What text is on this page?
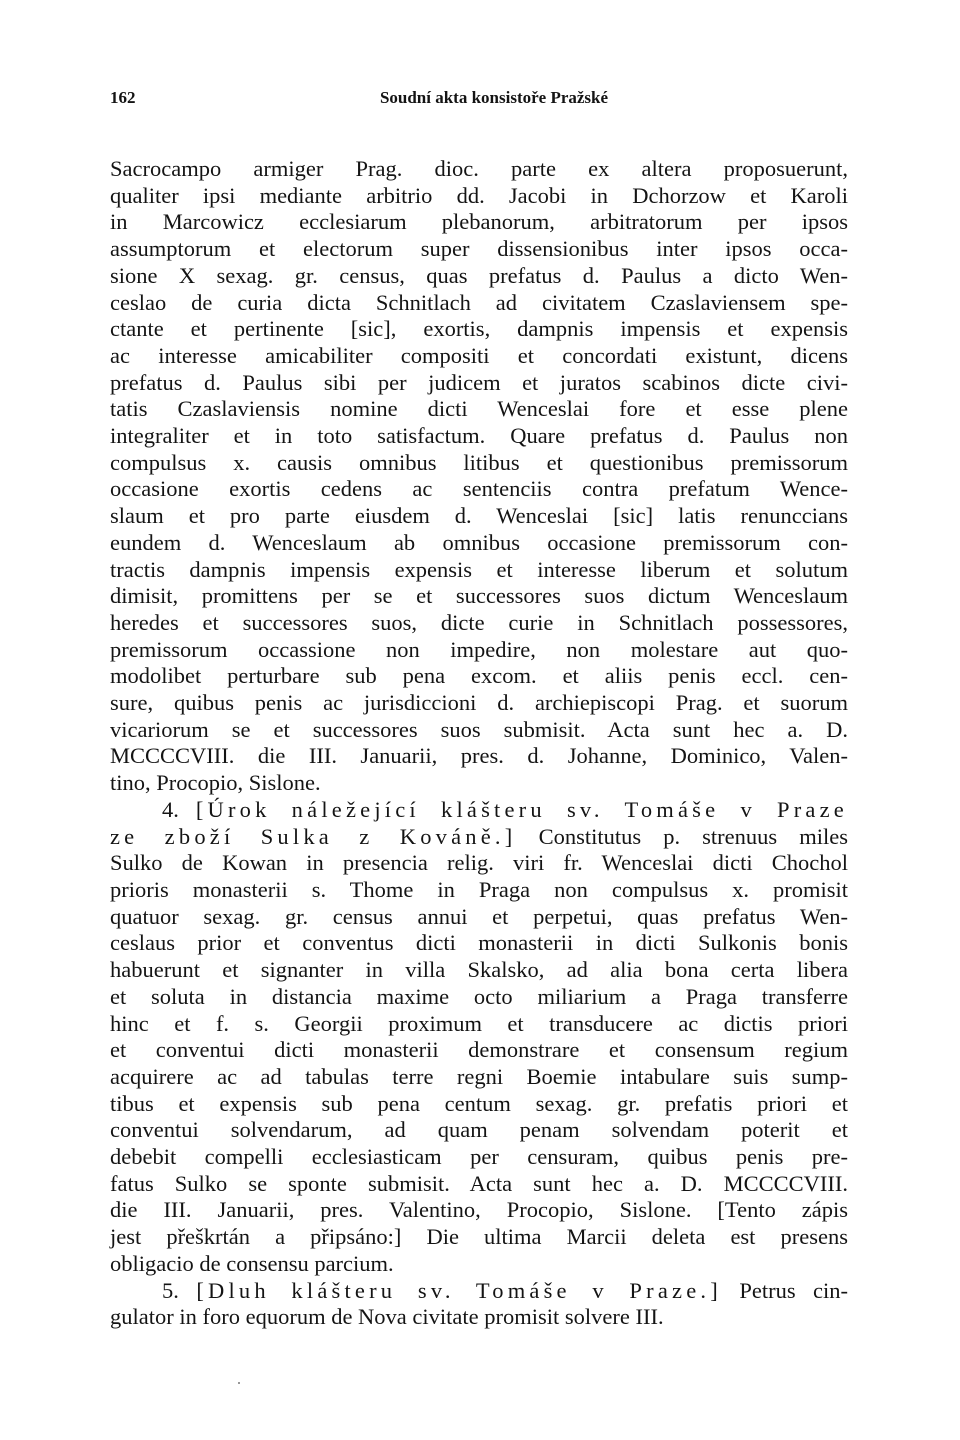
162	Soudní akta konsistoře Pražské
Sacrocampo armiger Prag. dioc. parte ex altera proposuerunt,
qualiter ipsi mediante arbitrio dd. Jacobi in Dchorzow et Karoli
in Marcowicz ecclesiarum plebanorum, arbitratorum per ipsos
assumptorum et electorum super dissensionibus inter ipsos occa-
sione X sexag. gr. census, quas prefatus d. Paulus a dicto Wen-
ceslao de curia dicta Schnitlach ad civitatem Czaslaviensem spe-
ctante et pertinente [sic], exortis, dampnis impensis et expensis
ac interesse amicabiliter compositi et concordati existunt, dicens
prefatus d. Paulus sibi per judicem et juratos scabinos dicte civi-
tatis Czaslaviensis nomine dicti Wenceslai fore et esse plene
integraliter et in toto satisfactum. Quare prefatus d. Paulus non
compulsus x. causis omnibus litibus et questionibus premissorum
occasione exortis cedens ac sentenciis contra prefatum Wence-
slaum et pro parte eiusdem d. Wenceslai [sic] latis renunccians
eundem d. Wenceslaum ab omnibus occasione premissorum con-
tractis dampnis impensis expensis et interesse liberum et solutum
dimisit, promittens per se et successores suos dictum Wenceslaum
heredes et successores suos, dicte curie in Schnitlach possessores,
premissorum occassione non impedire, non molestare aut quo-
modolibet perturbare sub pena excom. et aliis penis eccl. cen-
sure, quibus penis ac jurisdiccioni d. archiepiscopi Prag. et suorum
vicariorum se et successores suos submisit. Acta sunt hec a. D.
MCCCCVIII. die III. Januarii, pres. d. Johanne, Dominico, Valen-
tino, Procopio, Sislone.
4. [Úrok náležející klášteru sv. Tomáše v Praze
ze zboží Sulka z Kováně.] Constitutus p. strenuus miles
Sulko de Kowan in presencia relig. viri fr. Wenceslai dicti Chochol
prioris monasterii s. Thome in Praga non compulsus x. promisit
quatuor sexag. gr. census annui et perpetui, quas prefatus Wen-
ceslaus prior et conventus dicti monasterii in dicti Sulkonis bonis
habuerunt et signanter in villa Skalsko, ad alia bona certa libera
et soluta in distancia maxime octo miliarium a Praga transferre
hinc et f. s. Georgii proximum et transducere ac dictis priori
et conventui dicti monasterii demonstrare et consensum regium
acquirere ac ad tabulas terre regni Boemie intabulare suis sump-
tibus et expensis sub pena centum sexag. gr. prefatis priori et
conventui solvendarum, ad quam penam solvendam poterit et
debebit compelli ecclesiasticam per censuram, quibus penis pre-
fatus Sulko se sponte submisit. Acta sunt hec a. D. MCCCCVIII.
die III. Januarii, pres. Valentino, Procopio, Sislone. [Tento zápis
jest přeškrtán a připsáno:] Die ultima Marcii deleta est presens
obligacio de consensu parcium.
5. [Dluh klášteru sv. Tomáše v Praze.] Petrus cin-
gulator in foro equorum de Nova civitate promisit solvere III.
